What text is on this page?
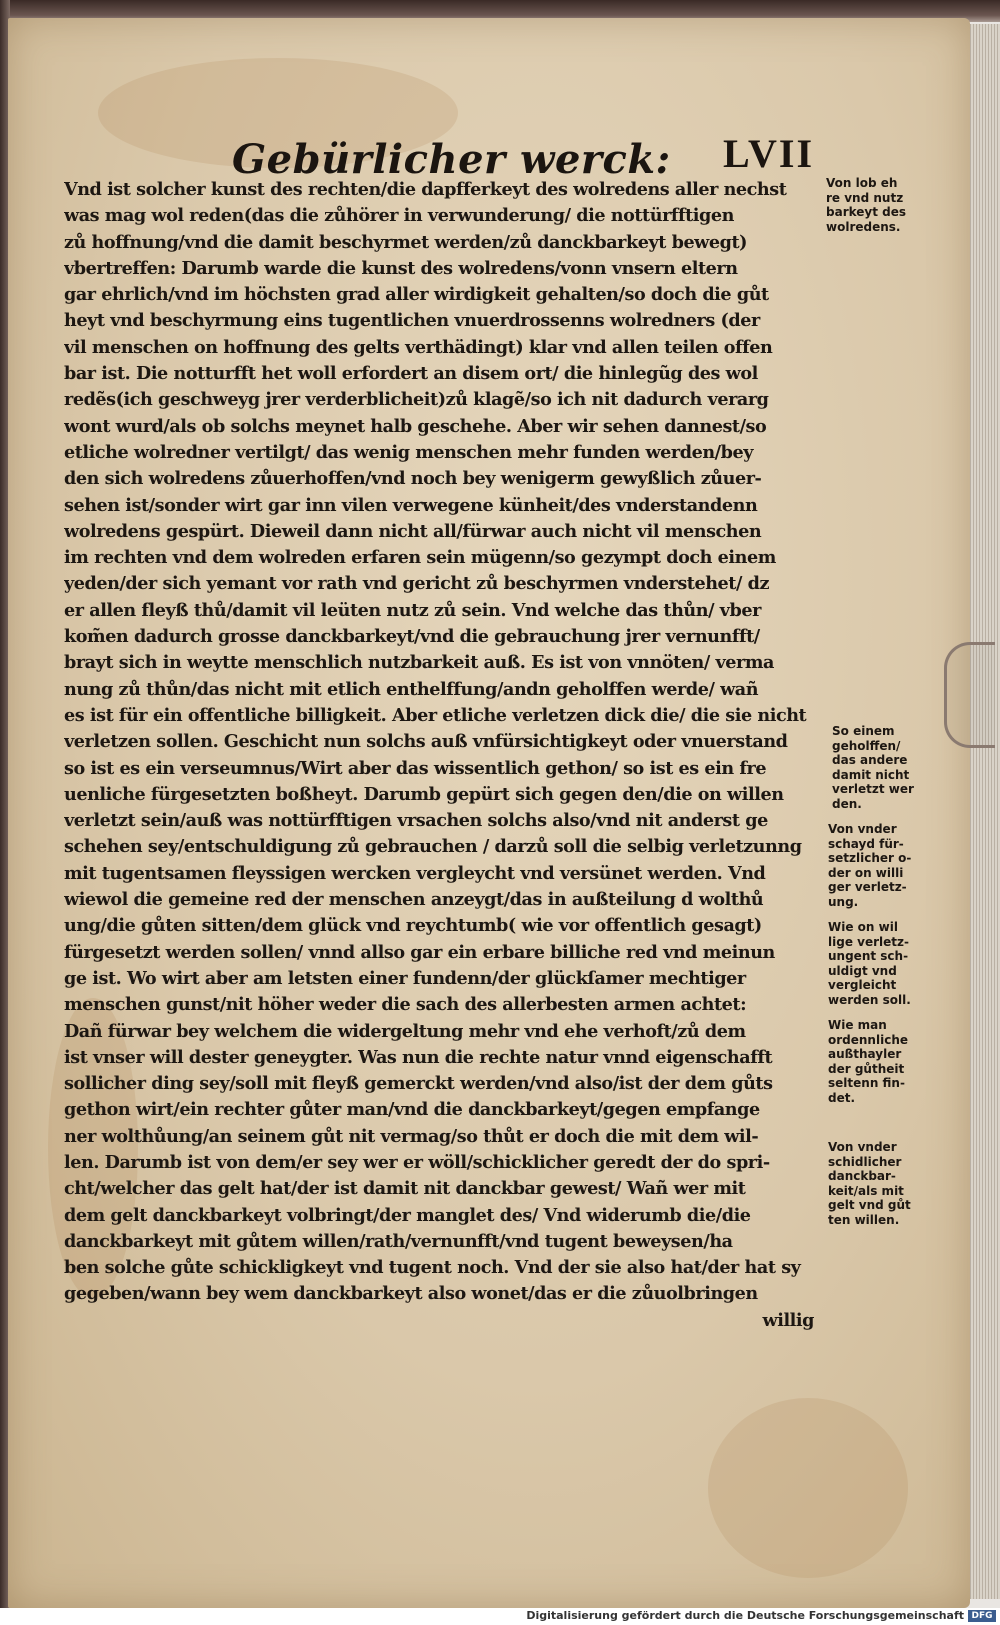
Gebürlicher werck: LVII
Vnd ist solcher kunst des rechten/die dapfferkeyt des wolredens aller nechst
was mag wol reden(das die zůhörer in verwunderung/ die nottürfftigen
zů hoffnung/vnd die damit beschyrmet werden/zů danckbarkeyt bewegt)
vbertreffen: Darumb warde die kunst des wolredens/vonn vnsern eltern
gar ehrlich/vnd im höchsten grad aller wirdigkeit gehalten/so doch die gůt
heyt vnd beschyrmung eins tugentlichen vnuerdrossenns wolredners (der
vil menschen on hoffnung des gelts verthädingt) klar vnd allen teilen offen
bar ist. Die notturfft het woll erfordert an disem ort/ die hinlegũg des wol
redẽs(ich geschweyg jrer verderblicheit)zů klagẽ/so ich nit dadurch verarg
wont wurd/als ob solchs meynet halb geschehe. Aber wir sehen dannest/so
etliche wolredner vertilgt/ das wenig menschen mehr funden werden/bey
den sich wolredens zůuerhoffen/vnd noch bey wenigerm gewyßlich zůuer-
sehen ist/sonder wirt gar inn vilen verwegene künheit/des vnderstandenn
wolredens gespürt. Dieweil dann nicht all/fürwar auch nicht vil menschen
im rechten vnd dem wolreden erfaren sein mügenn/so gezympt doch einem
yeden/der sich yemant vor rath vnd gericht zů beschyrmen vnderstehet/ dz
er allen fleyß thů/damit vil leüten nutz zů sein. Vnd welche das thůn/ vber
kom̃en dadurch grosse danckbarkeyt/vnd die gebrauchung jrer vernunfft/
brayt sich in weytte menschlich nutzbarkeit auß. Es ist von vnnöten/ verma
nung zů thůn/das nicht mit etlich enthelffung/andn geholffen werde/ wañ
es ist für ein offentliche billigkeit. Aber etliche verletzen dick die/ die sie nicht
verletzen sollen. Geschicht nun solchs auß vnfürsichtigkeyt oder vnuerstand
so ist es ein verseumnus/Wirt aber das wissentlich gethon/ so ist es ein fre
uenliche fürgesetzten boßheyt. Darumb gepürt sich gegen den/die on willen
verletzt sein/auß was nottürfftigen vrsachen solchs also/vnd nit anderst ge
schehen sey/entschuldigung zů gebrauchen / darzů soll die selbig verletzunng
mit tugentsamen fleyssigen wercken vergleycht vnd versünet werden. Vnd
wiewol die gemeine red der menschen anzeygt/das in außteilung d wolthů
ung/die gůten sitten/dem glück vnd reychtumb( wie vor offentlich gesagt)
fürgesetzt werden sollen/ vnnd allso gar ein erbare billiche red vnd meinun
ge ist. Wo wirt aber am letsten einer fundenn/der glückſamer mechtiger
menschen gunst/nit höher weder die sach des allerbesten armen achtet:
Dañ fürwar bey welchem die widergeltung mehr vnd ehe verhoft/zů dem
ist vnser will dester geneygter. Was nun die rechte natur vnnd eigenschafft
sollicher ding sey/soll mit fleyß gemerckt werden/vnd also/ist der dem gůts
gethon wirt/ein rechter gůter man/vnd die danckbarkeyt/gegen empfange
ner wolthůung/an seinem gůt nit vermag/so thůt er doch die mit dem wil-
len. Darumb ist von dem/er sey wer er wöll/schicklicher geredt der do spri-
cht/welcher das gelt hat/der ist damit nit danckbar gewest/ Wañ wer mit
dem gelt danckbarkeyt volbringt/der manglet des/ Vnd widerumb die/die
danckbarkeyt mit gůtem willen/rath/vernunfft/vnd tugent beweysen/ha
ben solche gůte schickligkeyt vnd tugent noch. Vnd der sie also hat/der hat sy
gegeben/wann bey wem danckbarkeyt also wonet/das er die zůuolbringen
willig
Von lob eh
re vnd nutz
barkeyt des
wolredens.
So einem
geholffen/
das andere
damit nicht
verletzt wer
den.
Von vnder
schayd für-
setzlicher o-
der on willi
ger verletz-
ung.
Wie on wil
lige verletz-
ungent sch-
uldigt vnd
vergleicht
werden soll.
Wie man
ordennliche
außthayler
der gůtheit
seltenn fin-
det.
Von vnder
schidlicher
danckbar-
keit/als mit
gelt vnd gůt
ten willen.
Digitalisierung gefördert durch die Deutsche Forschungsgemeinschaft DFG
